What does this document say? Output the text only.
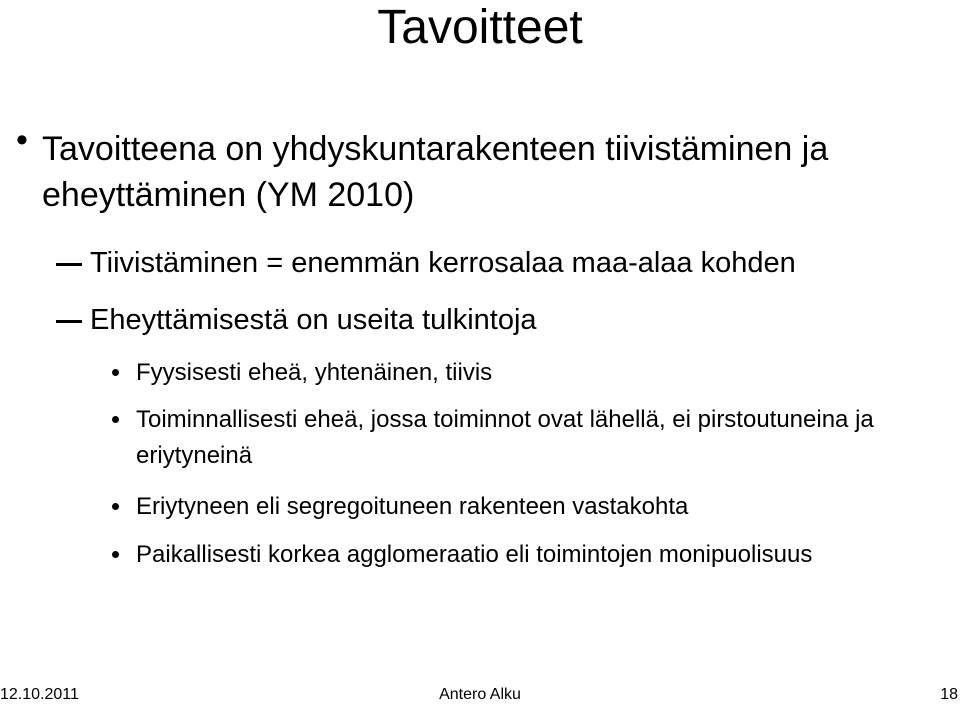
Tavoitteet
• Tavoitteena on yhdyskuntarakenteen tiivistäminen ja eheyttäminen (YM 2010)
Tiivistäminen = enemmän kerrosalaa maa-alaa kohden
Eheyttämisestä on useita tulkintoja
Fyysisesti eheä, yhtenäinen, tiivis
Toiminnallisesti eheä, jossa toiminnot ovat lähellä, ei pirstoutuneina ja eriytyneinä
Eriytyneen eli segregoituneen rakenteen vastakohta
Paikallisesti korkea agglomeraatio eli toimintojen monipuolisuus
12.10.2011	Antero Alku	18
